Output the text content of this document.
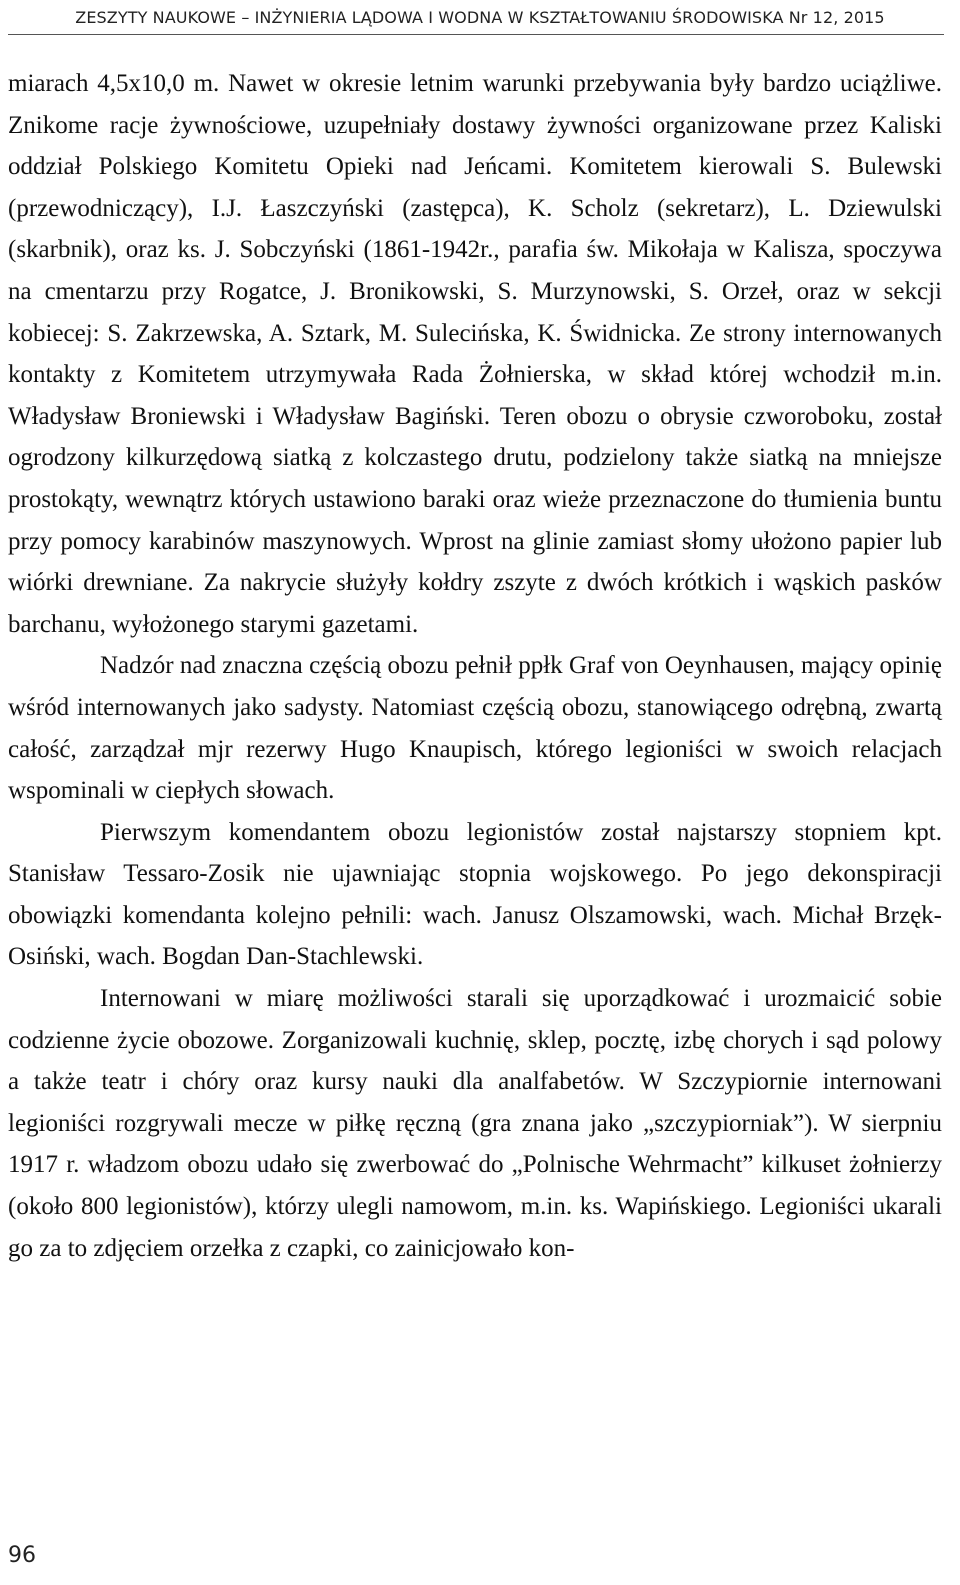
ZESZYTY NAUKOWE – INŻYNIERIA LĄDOWA I WODNA W KSZTAŁTOWANIU ŚRODOWISKA Nr 12, 2015

miarach 4,5x10,0 m. Nawet w okresie letnim warunki przebywania były bardzo uciążliwe. Znikome racje żywnościowe, uzupełniały dostawy żywności organizowane przez Kaliski oddział Polskiego Komitetu Opieki nad Jeńcami. Komitetem kierowali S. Bulewski (przewodniczący), I.J. Łaszczyński (zastępca), K. Scholz (sekretarz), L. Dziewulski (skarbnik), oraz ks. J. Sobczyński (1861-1942r., parafia św. Mikołaja w Kalisza, spoczywa na cmentarzu przy Rogatce, J. Bronikowski, S. Murzynowski, S. Orzeł, oraz w sekcji kobiecej: S. Zakrzewska, A. Sztark, M. Sulecińska, K. Świdnicka. Ze strony internowanych kontakty z Komitetem utrzymywała Rada Żołnierska, w skład której wchodził m.in. Władysław Broniewski i Władysław Bagiński. Teren obozu o obrysie czworoboku, został ogrodzony kilkurzędową siatką z kolczastego drutu, podzielony także siatką na mniejsze prostokąty, wewnątrz których ustawiono baraki oraz wieże przeznaczone do tłumienia buntu przy pomocy karabinów maszynowych. Wprost na glinie zamiast słomy ułożono papier lub wiórki drewniane. Za nakrycie służyły kołdry zszyte z dwóch krótkich i wąskich pasków barchanu, wyłożonego starymi gazetami.

Nadzór nad znaczna częścią obozu pełnił ppłk Graf von Oeynhausen, mający opinię wśród internowanych jako sadysty. Natomiast częścią obozu, stanowiącego odrębną, zwartą całość, zarządzał mjr rezerwy Hugo Knaupisch, którego legioniści w swoich relacjach wspominali w ciepłych słowach.

Pierwszym komendantem obozu legionistów został najstarszy stopniem kpt. Stanisław Tessaro-Zosik nie ujawniając stopnia wojskowego. Po jego dekonspiracji obowiązki komendanta kolejno pełnili: wach. Janusz Olszamowski, wach. Michał Brzęk-Osiński, wach. Bogdan Dan-Stachlewski.

Internowani w miarę możliwości starali się uporządkować i urozmaicić sobie codzienne życie obozowe. Zorganizowali kuchnię, sklep, pocztę, izbę chorych i sąd polowy a także teatr i chóry oraz kursy nauki dla analfabetów. W Szczypiornie internowani legioniści rozgrywali mecze w piłkę ręczną (gra znana jako „szczypiorniak”). W sierpniu 1917 r. władzom obozu udało się zwerbować do „Polnische Wehrmacht” kilkuset żołnierzy (około 800 legionistów), którzy ulegli namowom, m.in. ks. Wapińskiego. Legioniści ukarali go za to zdjęciem orzełka z czapki, co zainicjowało kon-

96
